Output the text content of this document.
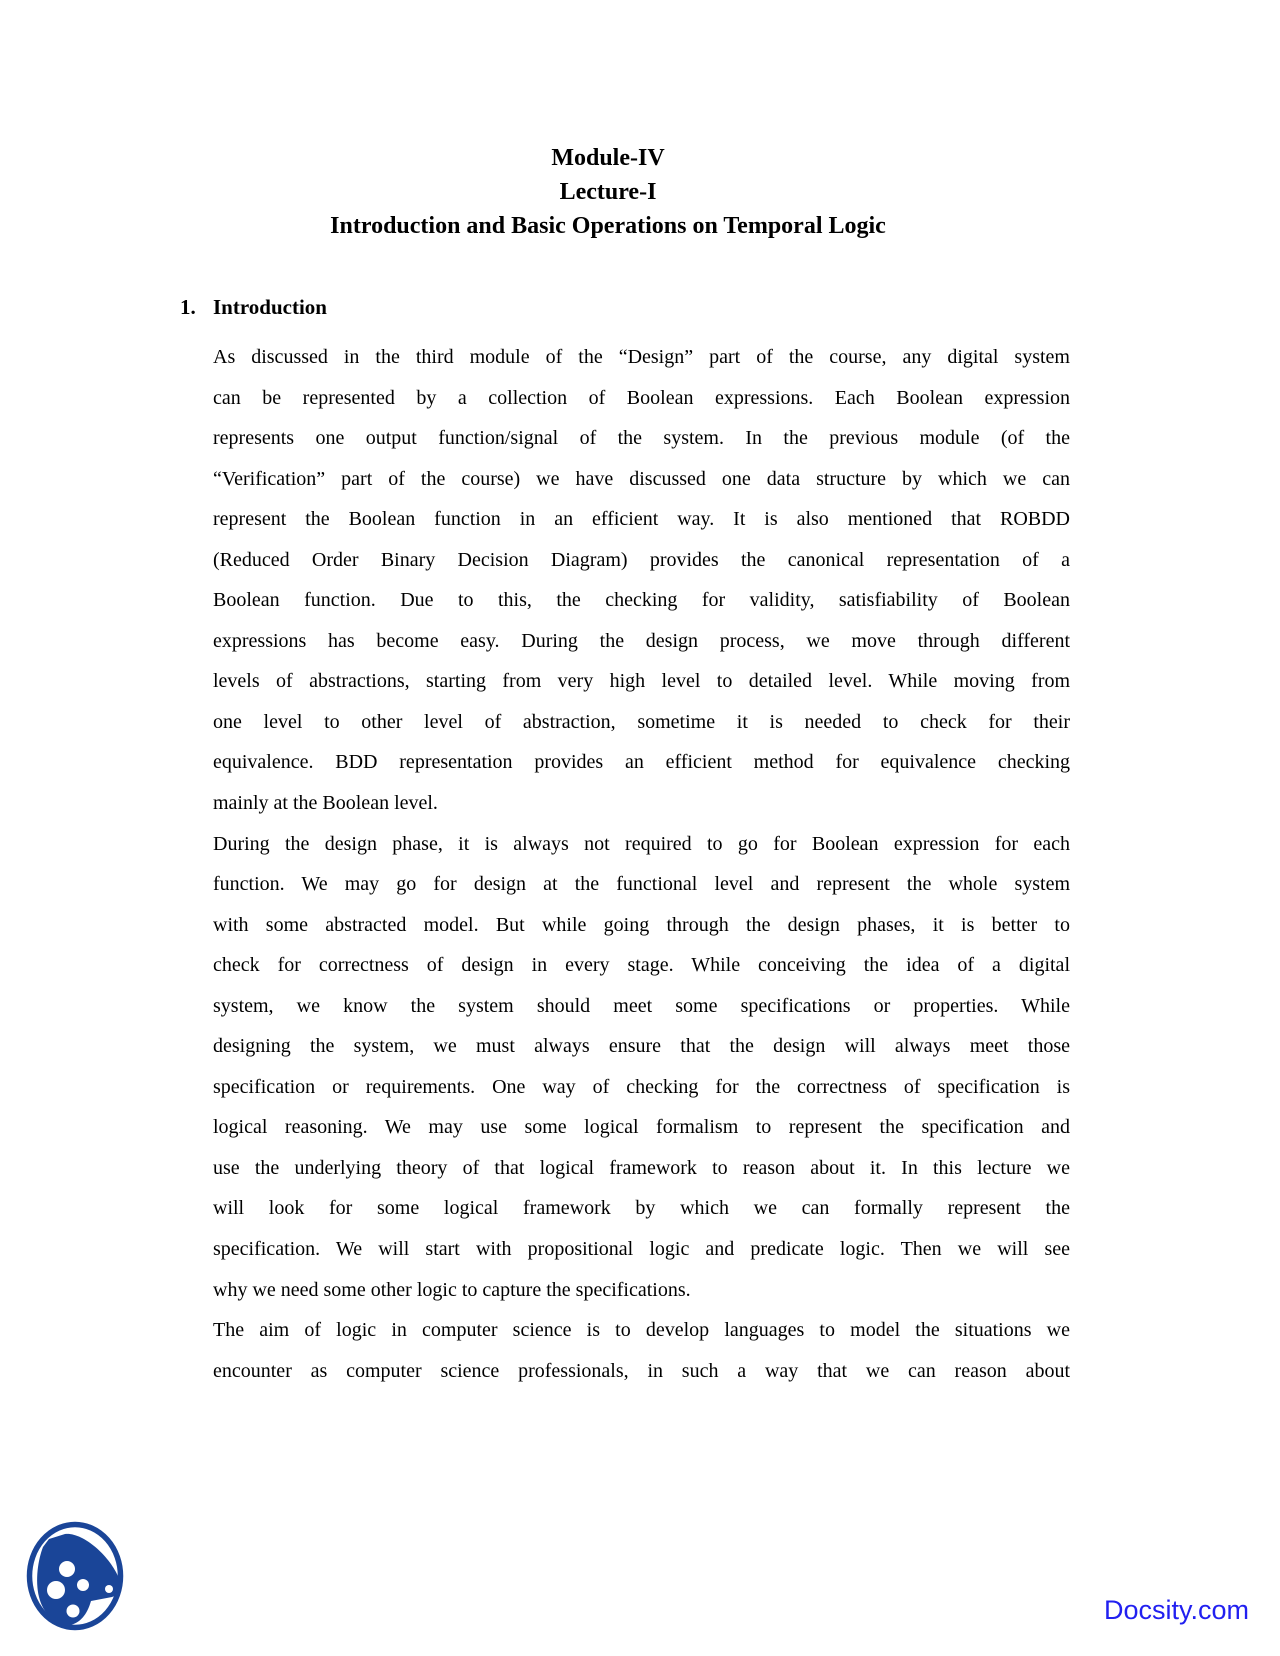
Module-IV
Lecture-I
Introduction and Basic Operations on Temporal Logic
1. Introduction
As discussed in the third module of the “Design” part of the course, any digital system
can be represented by a collection of Boolean expressions. Each Boolean expression
represents one output function/signal of the system. In the previous module (of the
“Verification” part of the course) we have discussed one data structure by which we can
represent the Boolean function in an efficient way. It is also mentioned that ROBDD
(Reduced Order Binary Decision Diagram) provides the canonical representation of a
Boolean function. Due to this, the checking for validity, satisfiability of Boolean
expressions has become easy. During the design process, we move through different
levels of abstractions, starting from very high level to detailed level. While moving from
one level to other level of abstraction, sometime it is needed to check for their
equivalence. BDD representation provides an efficient method for equivalence checking
mainly at the Boolean level.
During the design phase, it is always not required to go for Boolean expression for each
function. We may go for design at the functional level and represent the whole system
with some abstracted model. But while going through the design phases, it is better to
check for correctness of design in every stage. While conceiving the idea of a digital
system, we know the system should meet some specifications or properties. While
designing the system, we must always ensure that the design will always meet those
specification or requirements. One way of checking for the correctness of specification is
logical reasoning. We may use some logical formalism to represent the specification and
use the underlying theory of that logical framework to reason about it. In this lecture we
will look for some logical framework by which we can formally represent the
specification. We will start with propositional logic and predicate logic. Then we will see
why we need some other logic to capture the specifications.
The aim of logic in computer science is to develop languages to model the situations we
encounter as computer science professionals, in such a way that we can reason about
Docsity.com
